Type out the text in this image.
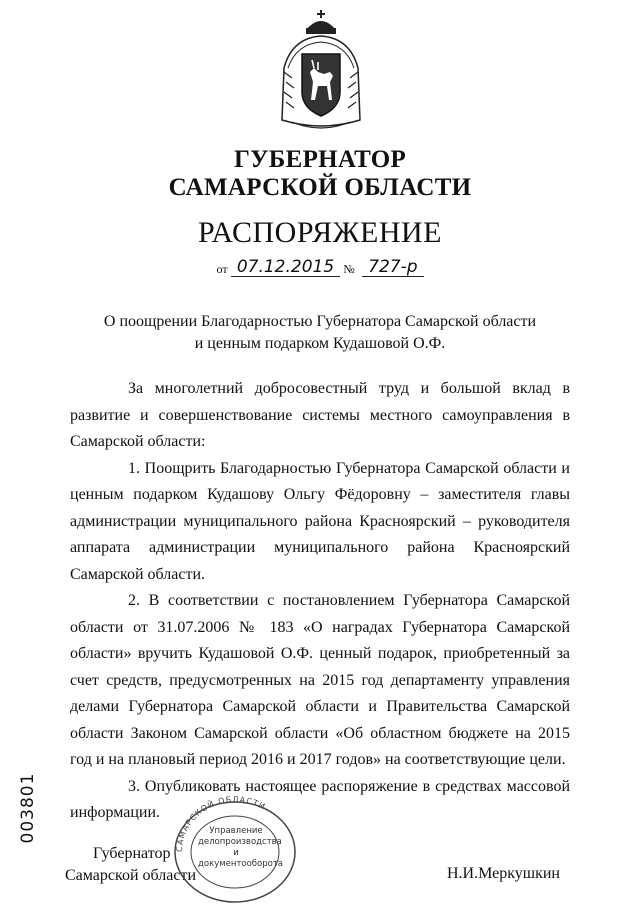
ГУБЕРНАТОР
САМАРСКОЙ ОБЛАСТИ
РАСПОРЯЖЕНИЕ
от 07.12.2015 № 727-р
О поощрении Благодарностью Губернатора Самарской области
и ценным подарком Кудашовой О.Ф.

За многолетний добросовестный труд и большой вклад в развитие и совершенствование системы местного самоуправления в Самарской области:

1. Поощрить Благодарностью Губернатора Самарской области и ценным подарком Кудашову Ольгу Фёдоровну – заместителя главы администрации муниципального района Красноярский – руководителя аппарата администрации муниципального района Красноярский Самарской области.

2. В соответствии с постановлением Губернатора Самарской области от 31.07.2006 № 183 «О наградах Губернатора Самарской области» вручить Кудашовой О.Ф. ценный подарок, приобретенный за счет средств, предусмотренных на 2015 год департаменту управления делами Губернатора Самарской области и Правительства Самарской области Законом Самарской области «Об областном бюджете на 2015 год и на плановый период 2016 и 2017 годов» на соответствующие цели.

3. Опубликовать настоящее распоряжение в средствах массовой информации.

003801
Губернатор
Самарской области	Н.И.Меркушкин
САМАРСКОЙ ОБЛАСТИ
Управление
делопроизводства
и документооборота
